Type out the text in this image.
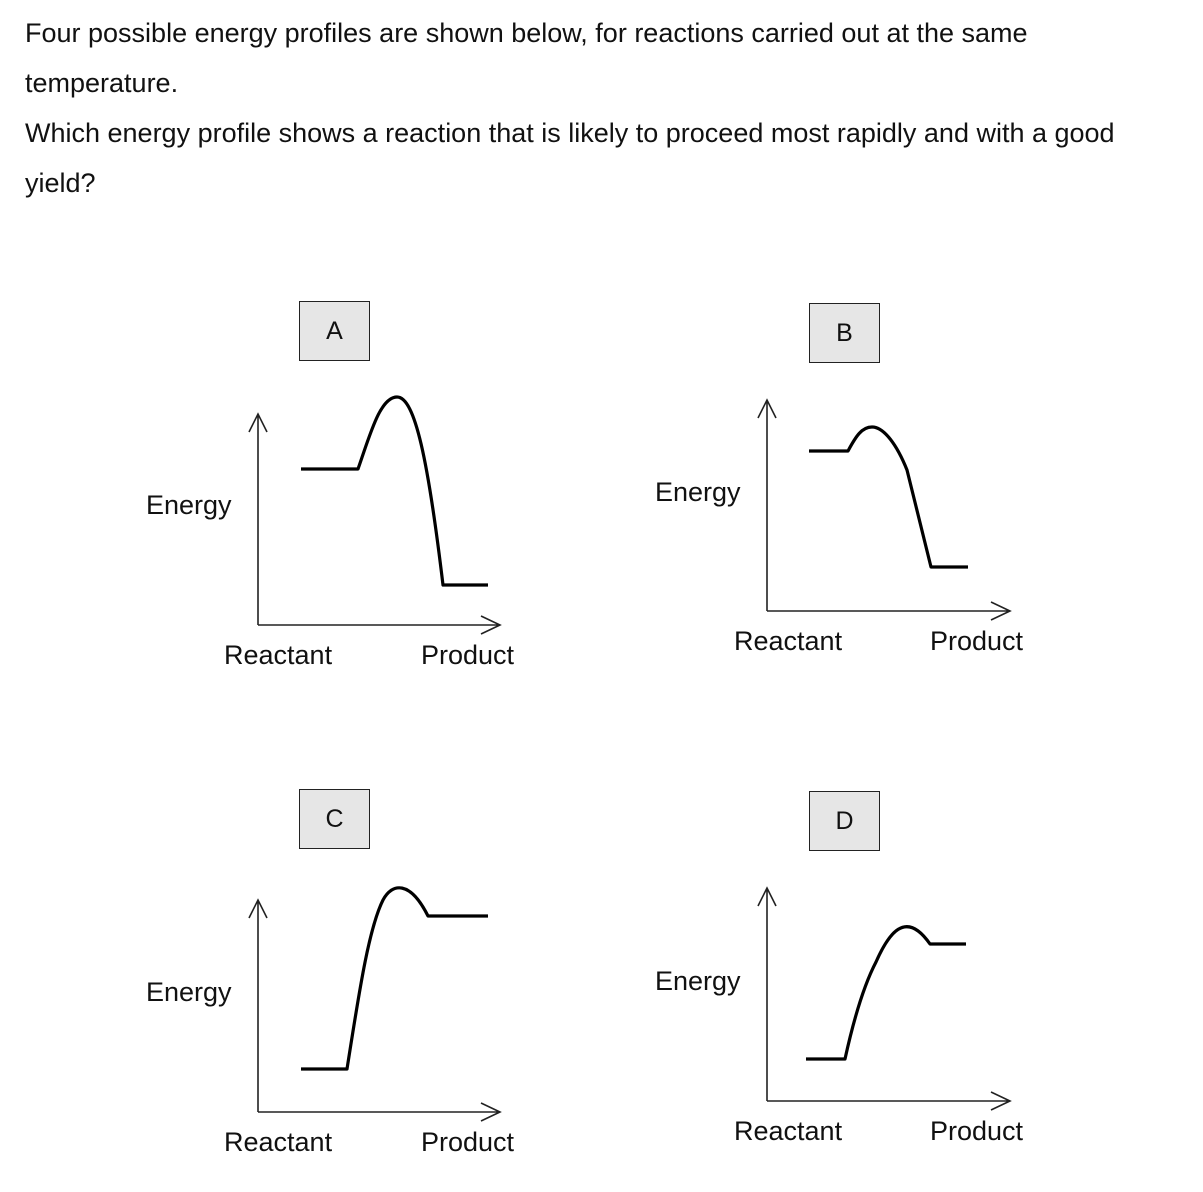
Four possible energy profiles are shown below, for reactions carried out at the same temperature.

Which energy profile shows a reaction that is likely to proceed most rapidly and with a good yield?

A
Energy
Reactant	Product
B
Energy
Reactant	Product
C
Energy
Reactant	Product
D
Energy
Reactant	Product
